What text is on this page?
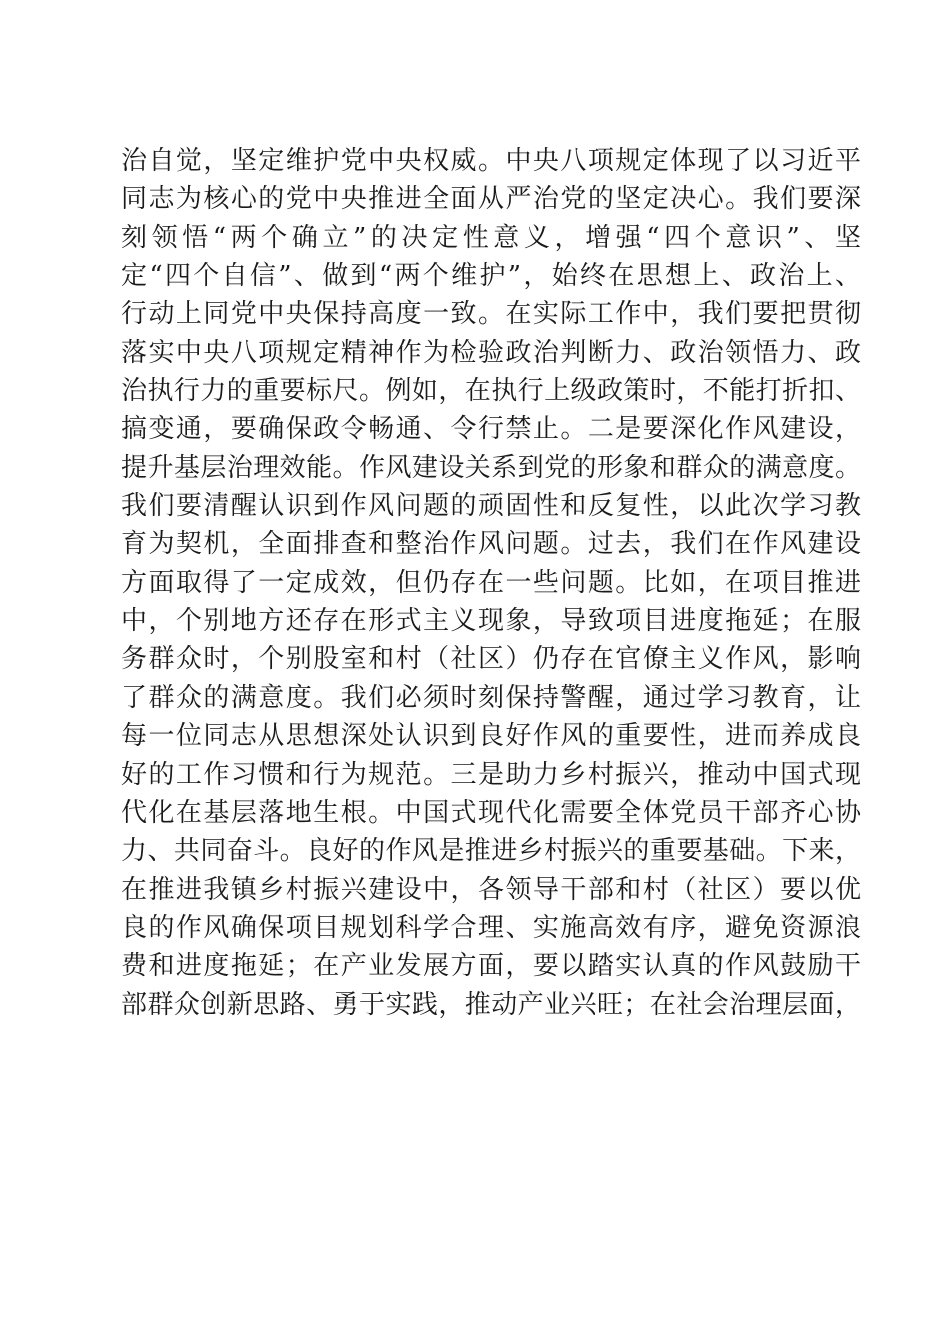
治自觉，坚定维护党中央权威。中央八项规定体现了以习近平
同志为核心的党中央推进全面从严治党的坚定决心。我们要深
刻领悟“两个确立”的决定性意义，增强“四个意识”、坚
定“四个自信”、做到“两个维护”，始终在思想上、政治上、
行动上同党中央保持高度一致。在实际工作中，我们要把贯彻
落实中央八项规定精神作为检验政治判断力、政治领悟力、政
治执行力的重要标尺。例如，在执行上级政策时，不能打折扣、
搞变通，要确保政令畅通、令行禁止。二是要深化作风建设，
提升基层治理效能。作风建设关系到党的形象和群众的满意度。
我们要清醒认识到作风问题的顽固性和反复性，以此次学习教
育为契机，全面排查和整治作风问题。过去，我们在作风建设
方面取得了一定成效，但仍存在一些问题。比如，在项目推进
中，个别地方还存在形式主义现象，导致项目进度拖延；在服
务群众时，个别股室和村（社区）仍存在官僚主义作风，影响
了群众的满意度。我们必须时刻保持警醒，通过学习教育，让
每一位同志从思想深处认识到良好作风的重要性，进而养成良
好的工作习惯和行为规范。三是助力乡村振兴，推动中国式现
代化在基层落地生根。中国式现代化需要全体党员干部齐心协
力、共同奋斗。良好的作风是推进乡村振兴的重要基础。下来，
在推进我镇乡村振兴建设中，各领导干部和村（社区）要以优
良的作风确保项目规划科学合理、实施高效有序，避免资源浪
费和进度拖延；在产业发展方面，要以踏实认真的作风鼓励干
部群众创新思路、勇于实践，推动产业兴旺；在社会治理层面，
